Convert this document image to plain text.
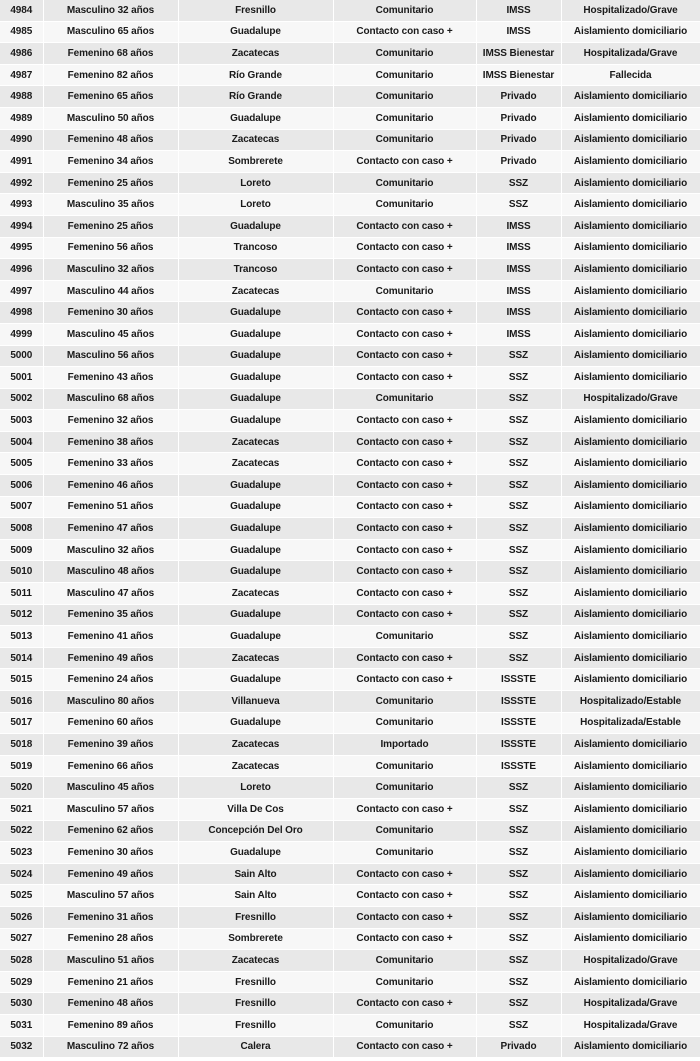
4984	Masculino 32 años	Fresnillo	Comunitario	IMSS	Hospitalizado/Grave
4985	Masculino 65 años	Guadalupe	Contacto con caso +	IMSS	Aislamiento domiciliario
4986	Femenino 68 años	Zacatecas	Comunitario	IMSS Bienestar	Hospitalizada/Grave
4987	Femenino 82 años	Río Grande	Comunitario	IMSS Bienestar	Fallecida
4988	Femenino 65 años	Río Grande	Comunitario	Privado	Aislamiento domiciliario
4989	Masculino 50 años	Guadalupe	Comunitario	Privado	Aislamiento domiciliario
4990	Femenino 48 años	Zacatecas	Comunitario	Privado	Aislamiento domiciliario
4991	Femenino 34 años	Sombrerete	Contacto con caso +	Privado	Aislamiento domiciliario
4992	Femenino 25 años	Loreto	Comunitario	SSZ	Aislamiento domiciliario
4993	Masculino 35 años	Loreto	Comunitario	SSZ	Aislamiento domiciliario
4994	Femenino 25 años	Guadalupe	Contacto con caso +	IMSS	Aislamiento domiciliario
4995	Femenino 56 años	Trancoso	Contacto con caso +	IMSS	Aislamiento domiciliario
4996	Masculino 32 años	Trancoso	Contacto con caso +	IMSS	Aislamiento domiciliario
4997	Masculino 44 años	Zacatecas	Comunitario	IMSS	Aislamiento domiciliario
4998	Femenino 30 años	Guadalupe	Contacto con caso +	IMSS	Aislamiento domiciliario
4999	Masculino 45 años	Guadalupe	Contacto con caso +	IMSS	Aislamiento domiciliario
5000	Masculino 56 años	Guadalupe	Contacto con caso +	SSZ	Aislamiento domiciliario
5001	Femenino 43 años	Guadalupe	Contacto con caso +	SSZ	Aislamiento domiciliario
5002	Masculino 68 años	Guadalupe	Comunitario	SSZ	Hospitalizado/Grave
5003	Femenino 32 años	Guadalupe	Contacto con caso +	SSZ	Aislamiento domiciliario
5004	Femenino 38 años	Zacatecas	Contacto con caso +	SSZ	Aislamiento domiciliario
5005	Femenino 33 años	Zacatecas	Contacto con caso +	SSZ	Aislamiento domiciliario
5006	Femenino 46 años	Guadalupe	Contacto con caso +	SSZ	Aislamiento domiciliario
5007	Femenino 51 años	Guadalupe	Contacto con caso +	SSZ	Aislamiento domiciliario
5008	Femenino 47 años	Guadalupe	Contacto con caso +	SSZ	Aislamiento domiciliario
5009	Masculino 32 años	Guadalupe	Contacto con caso +	SSZ	Aislamiento domiciliario
5010	Masculino 48 años	Guadalupe	Contacto con caso +	SSZ	Aislamiento domiciliario
5011	Masculino 47 años	Zacatecas	Contacto con caso +	SSZ	Aislamiento domiciliario
5012	Femenino 35 años	Guadalupe	Contacto con caso +	SSZ	Aislamiento domiciliario
5013	Femenino 41 años	Guadalupe	Comunitario	SSZ	Aislamiento domiciliario
5014	Femenino 49 años	Zacatecas	Contacto con caso +	SSZ	Aislamiento domiciliario
5015	Femenino 24 años	Guadalupe	Contacto con caso +	ISSSTE	Aislamiento domiciliario
5016	Masculino 80 años	Villanueva	Comunitario	ISSSTE	Hospitalizado/Estable
5017	Femenino 60 años	Guadalupe	Comunitario	ISSSTE	Hospitalizada/Estable
5018	Femenino 39 años	Zacatecas	Importado	ISSSTE	Aislamiento domiciliario
5019	Femenino 66 años	Zacatecas	Comunitario	ISSSTE	Aislamiento domiciliario
5020	Masculino 45 años	Loreto	Comunitario	SSZ	Aislamiento domiciliario
5021	Masculino 57 años	Villa De Cos	Contacto con caso +	SSZ	Aislamiento domiciliario
5022	Femenino 62 años	Concepción Del Oro	Comunitario	SSZ	Aislamiento domiciliario
5023	Femenino 30 años	Guadalupe	Comunitario	SSZ	Aislamiento domiciliario
5024	Femenino 49 años	Sain Alto	Contacto con caso +	SSZ	Aislamiento domiciliario
5025	Masculino 57 años	Sain Alto	Contacto con caso +	SSZ	Aislamiento domiciliario
5026	Femenino 31 años	Fresnillo	Contacto con caso +	SSZ	Aislamiento domiciliario
5027	Femenino 28 años	Sombrerete	Contacto con caso +	SSZ	Aislamiento domiciliario
5028	Masculino 51 años	Zacatecas	Comunitario	SSZ	Hospitalizado/Grave
5029	Femenino 21 años	Fresnillo	Comunitario	SSZ	Aislamiento domiciliario
5030	Femenino 48 años	Fresnillo	Contacto con caso +	SSZ	Hospitalizada/Grave
5031	Femenino 89 años	Fresnillo	Comunitario	SSZ	Hospitalizada/Grave
5032	Masculino 72 años	Calera	Contacto con caso +	Privado	Aislamiento domiciliario
